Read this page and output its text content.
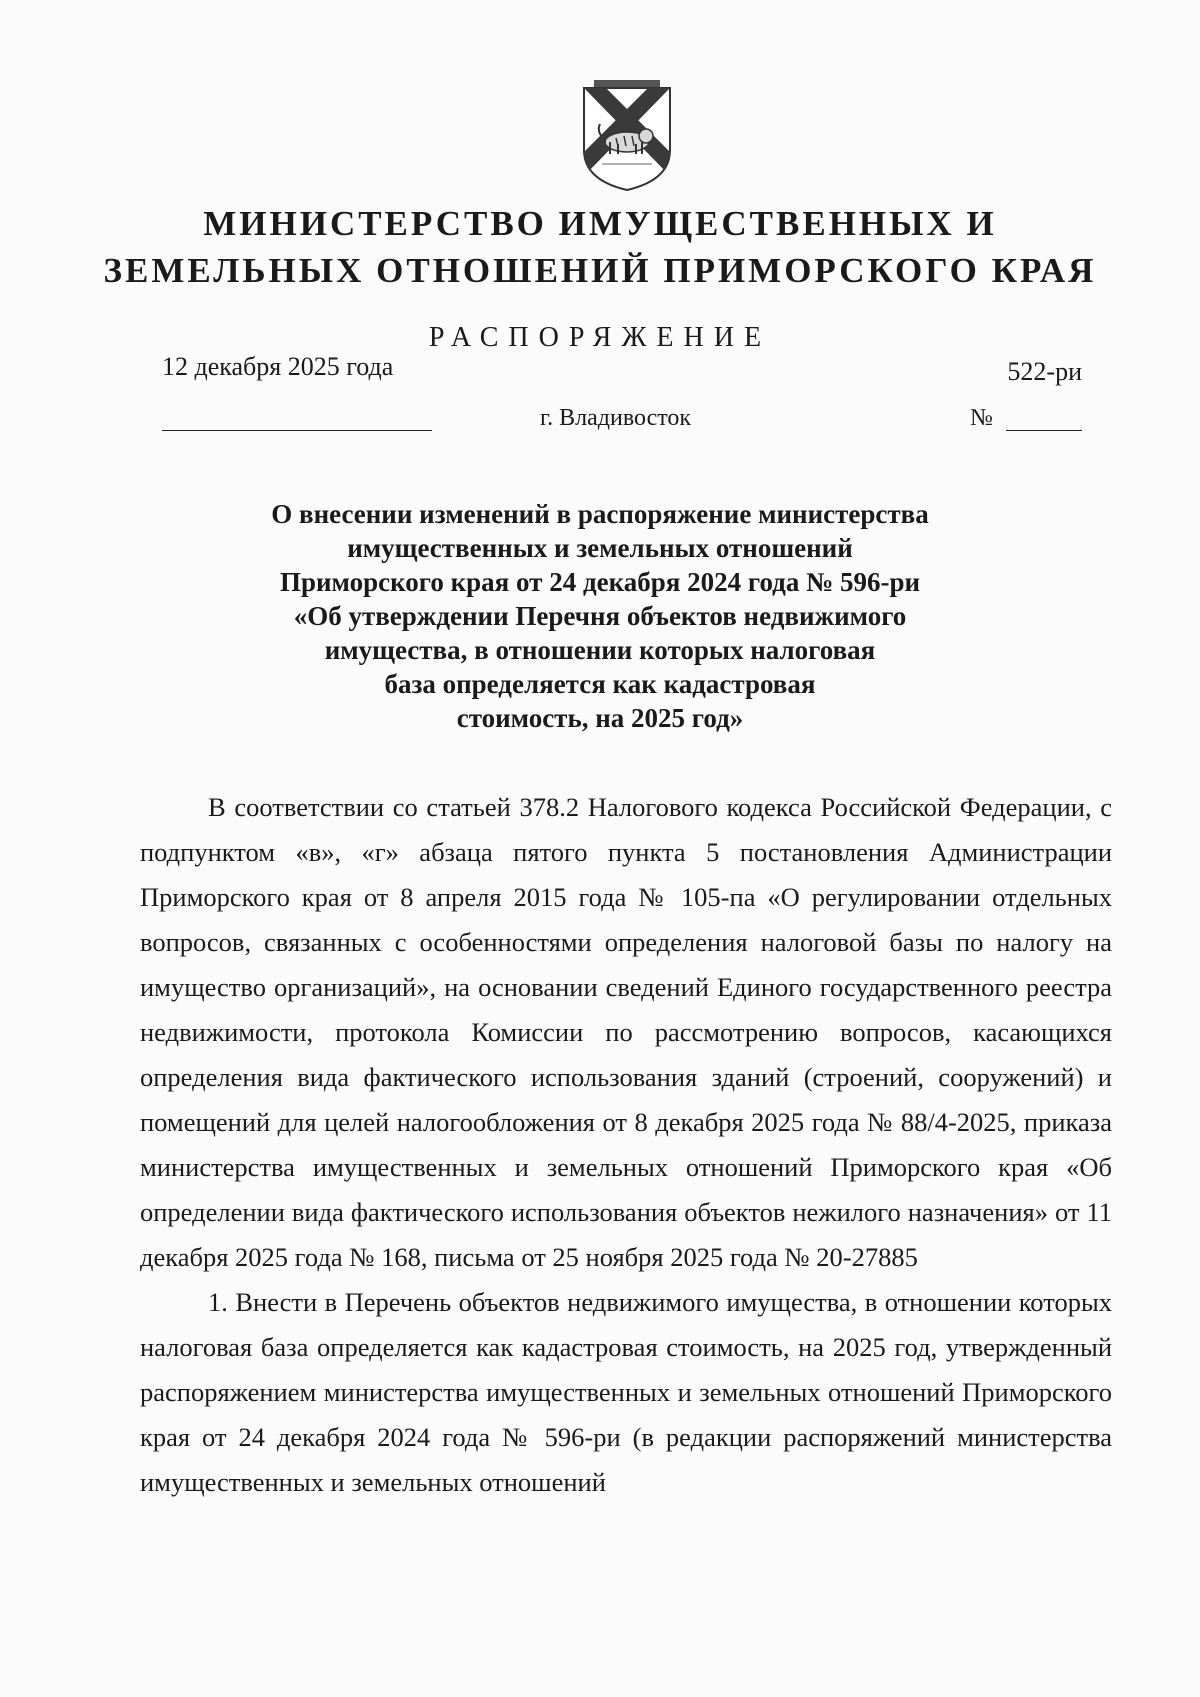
МИНИСТЕРСТВО ИМУЩЕСТВЕННЫХ И
ЗЕМЕЛЬНЫХ ОТНОШЕНИЙ ПРИМОРСКОГО КРАЯ
РАСПОРЯЖЕНИЕ
12 декабря 2025 года	522-ри
г. Владивосток	№
О внесении изменений в распоряжение министерства
имущественных и земельных отношений
Приморского края от 24 декабря 2024 года № 596-ри
«Об утверждении Перечня объектов недвижимого
имущества, в отношении которых налоговая
база определяется как кадастровая
стоимость, на 2025 год»

В соответствии со статьей 378.2 Налогового кодекса Российской Федерации, с подпунктом «в», «г» абзаца пятого пункта 5 постановления Администрации Приморского края от 8 апреля 2015 года № 105-па «О регулировании отдельных вопросов, связанных с особенностями определения налоговой базы по налогу на имущество организаций», на основании сведений Единого государственного реестра недвижимости, протокола Комиссии по рассмотрению вопросов, касающихся определения вида фактического использования зданий (строений, сооружений) и помещений для целей налогообложения от 8 декабря 2025 года № 88/4-2025, приказа министерства имущественных и земельных отношений Приморского края «Об определении вида фактического использования объектов нежилого назначения» от 11 декабря 2025 года № 168, письма от 25 ноября 2025 года № 20-27885

1. Внести в Перечень объектов недвижимого имущества, в отношении которых налоговая база определяется как кадастровая стоимость, на 2025 год, утвержденный распоряжением министерства имущественных и земельных отношений Приморского края от 24 декабря 2024 года № 596-ри (в редакции распоряжений министерства имущественных и земельных отношений
